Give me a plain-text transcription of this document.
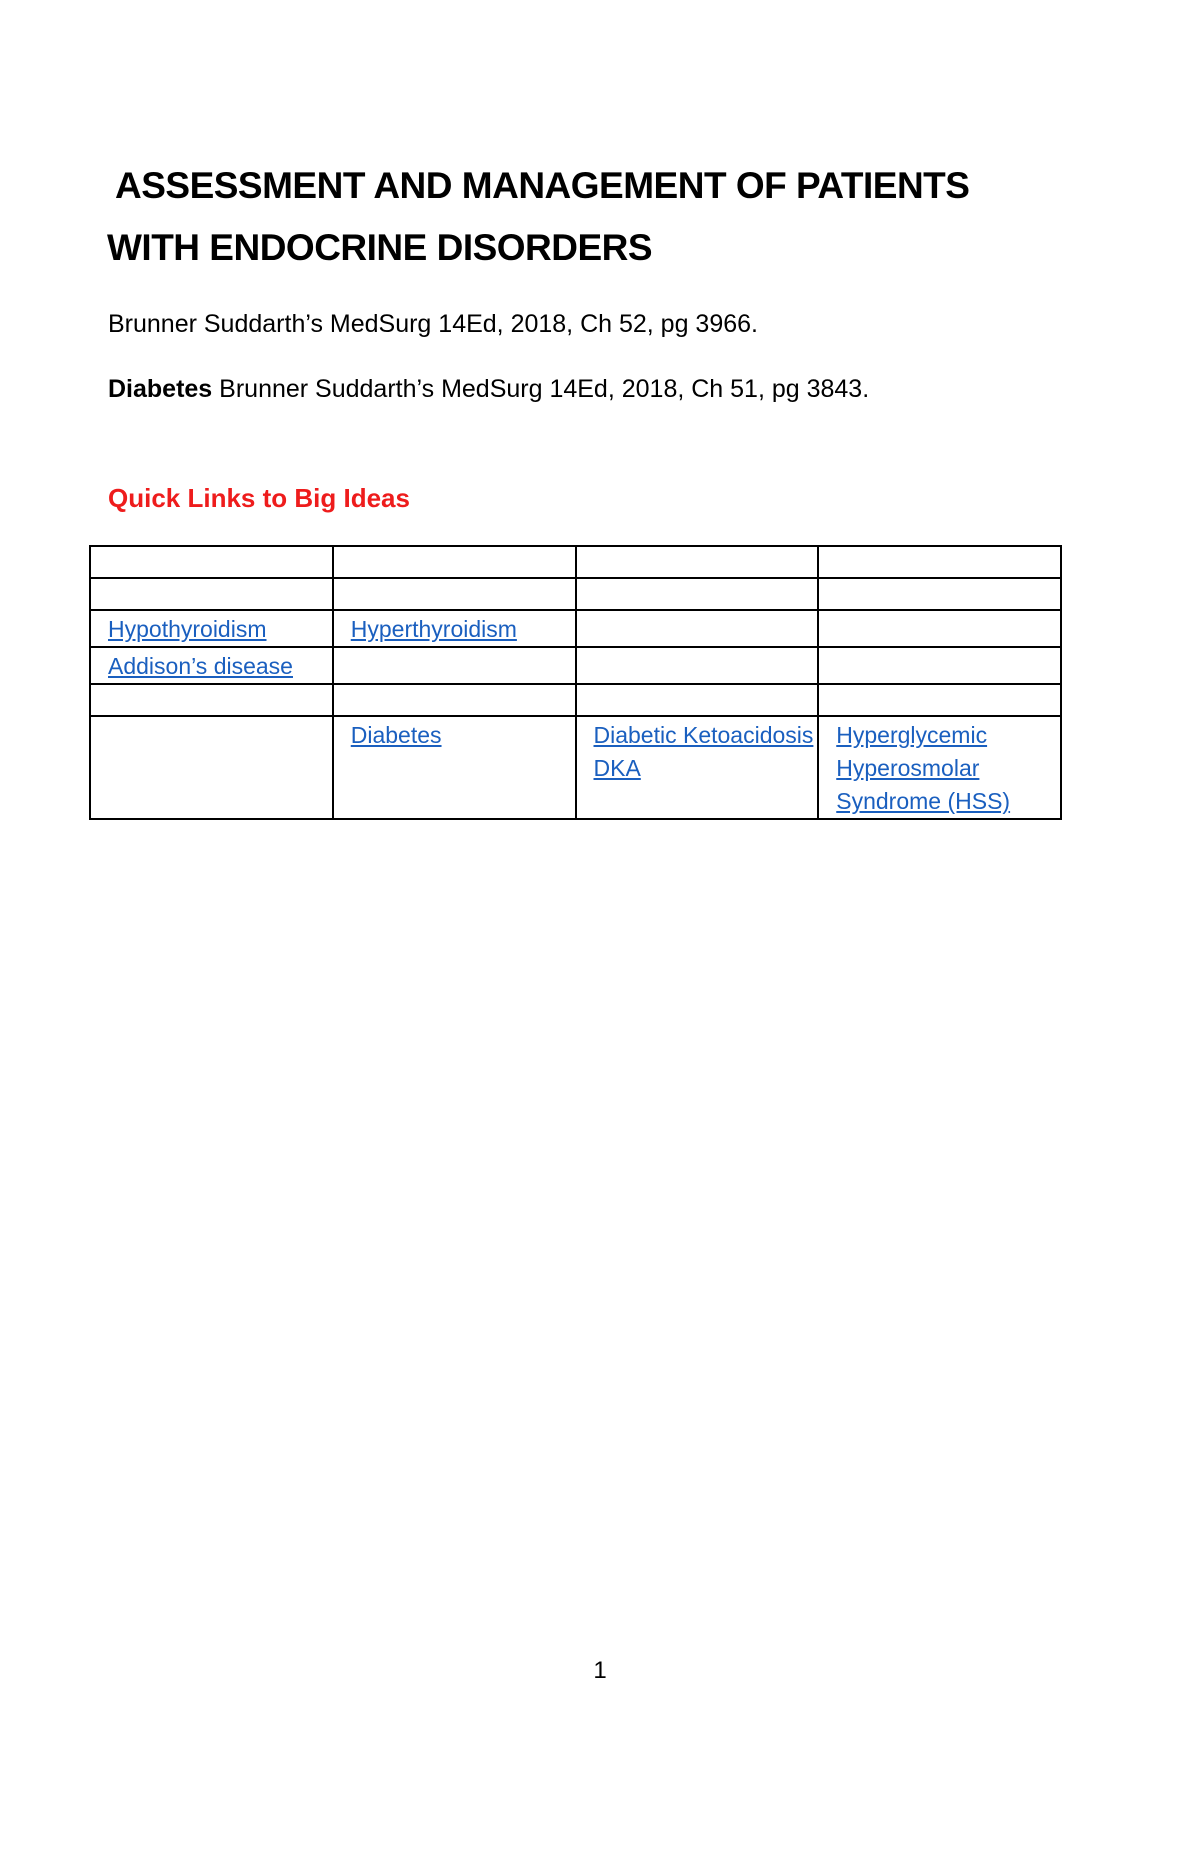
ASSESSMENT AND MANAGEMENT OF PATIENTS
WITH ENDOCRINE DISORDERS

Brunner Suddarth’s MedSurg 14Ed, 2018, Ch 52, pg 3966.

Diabetes Brunner Suddarth’s MedSurg 14Ed, 2018, Ch 51, pg 3843.

Quick Links to Big Ideas

Hypothyroidism	Hyperthyroidism		
Addison’s disease			

	Diabetes	Diabetic Ketoacidosis DKA	Hyperglycemic Hyperosmolar Syndrome (HSS)

1
